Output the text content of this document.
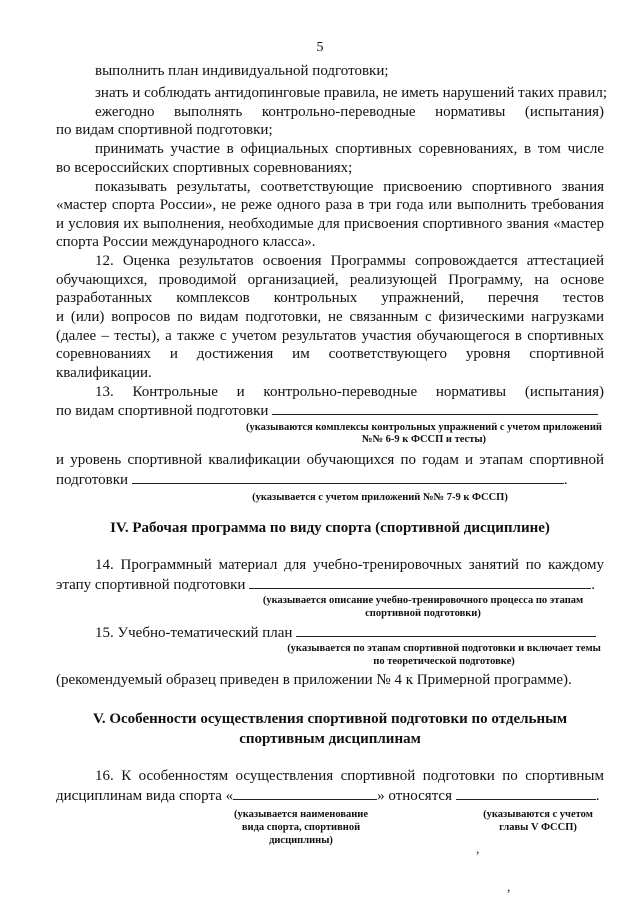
5
выполнить план индивидуальной подготовки;
знать и соблюдать антидопинговые правила, не иметь нарушений таких правил;
ежегодно выполнять контрольно-переводные нормативы (испытания)
по видам спортивной подготовки;
принимать участие в официальных спортивных соревнованиях, в том числе
во всероссийских спортивных соревнованиях;
показывать результаты, соответствующие присвоению спортивного звания
«мастер спорта России», не реже одного раза в три года или выполнить требования
и условия их выполнения, необходимые для присвоения спортивного звания «мастер
спорта России международного класса».
12. Оценка результатов освоения Программы сопровождается аттестацией
обучающихся, проводимой организацией, реализующей Программу, на основе
разработанных комплексов контрольных упражнений, перечня тестов
и (или) вопросов по видам подготовки, не связанным с физическими нагрузками
(далее – тесты), а также с учетом результатов участия обучающегося в спортивных
соревнованиях и достижения им соответствующего уровня спортивной
квалификации.
13. Контрольные и контрольно-переводные нормативы (испытания)
по видам спортивной подготовки
(указываются комплексы контрольных упражнений с учетом приложений
№№ 6-9 к ФССП и тесты)
и уровень спортивной квалификации обучающихся по годам и этапам спортивной
подготовки	.
(указывается с учетом приложений №№ 7-9 к ФССП)
IV. Рабочая программа по виду спорта (спортивной дисциплине)
14. Программный материал для учебно-тренировочных занятий по каждому
этапу спортивной подготовки	.
(указывается описание учебно-тренировочного процесса по этапам
спортивной подготовки)
15. Учебно-тематический план
(указывается по этапам спортивной подготовки и включает темы
по теоретической подготовке)
(рекомендуемый образец приведен в приложении № 4 к Примерной программе).
V. Особенности осуществления спортивной подготовки по отдельным
спортивным дисциплинам
16. К особенностям осуществления спортивной подготовки по спортивным
дисциплинам вида спорта «	» относятся	.
(указывается наименование
вида спорта, спортивной
дисциплины)
(указываются с учетом
главы V ФССП)
,
,
